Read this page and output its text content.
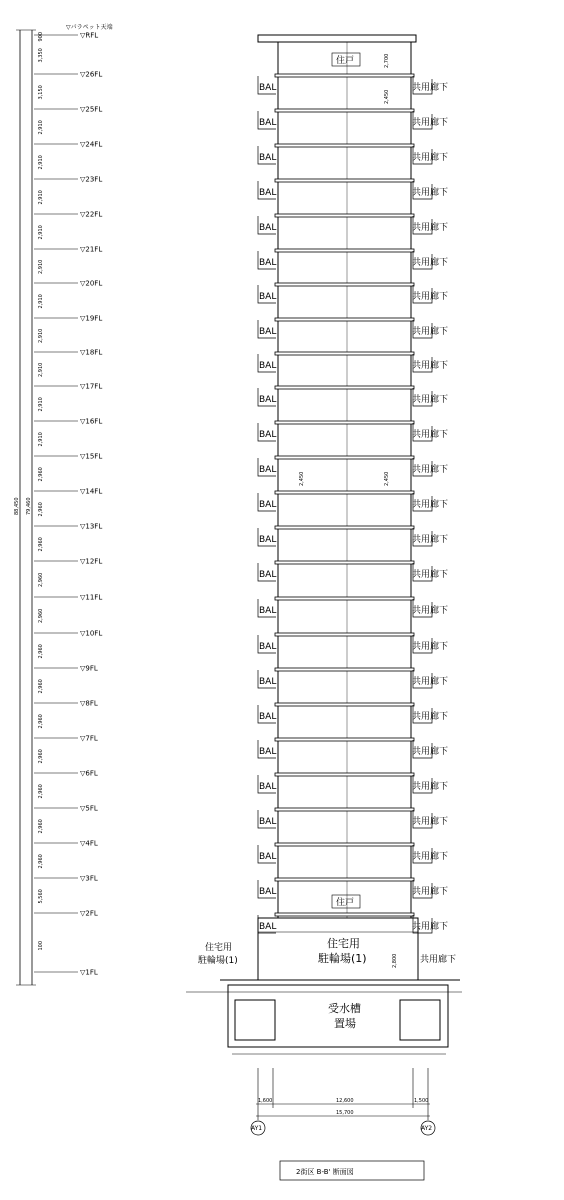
88,450 79,460
▽パラペット天端
▽RFL
▽26FL
▽25FL
▽24FL
▽23FL
▽22FL
▽21FL
▽20FL
▽19FL
▽18FL
▽17FL
▽16FL
▽15FL
▽14FL
▽13FL
▽12FL
▽11FL
▽10FL
▽9FL
▽8FL
▽7FL
▽6FL
▽5FL
▽4FL
▽3FL
▽2FL
▽1FL
900
3,350
3,150
2,910
2,910
2,910
2,910
2,910
2,910
2,910
2,910
2,910
2,910
2,960
2,960
2,960
2,960
2,960
2,960
2,960
2,960
2,960
2,960
2,960
2,960
5,560
100
BAL	共用廊下
BAL	共用廊下
BAL	共用廊下
BAL	共用廊下
BAL	共用廊下
BAL	共用廊下
BAL	共用廊下
BAL	共用廊下
BAL	共用廊下
BAL	共用廊下
BAL	共用廊下
BAL	共用廊下
BAL	共用廊下
BAL	共用廊下
BAL	共用廊下
BAL	共用廊下
BAL	共用廊下
BAL	共用廊下
BAL	共用廊下
BAL	共用廊下
BAL	共用廊下
BAL	共用廊下
BAL	共用廊下
BAL	共用廊下
BAL	共用廊下
住戸
住戸
2,700
2,450
2,450	2,450
2,800
住宅用
駐輪場(1)
住宅用
駐輪場(1)	共用廊下
受水槽
置場
1,600	12,600	1,500
15,700
AY1	AY2
2街区 B-B' 断面図
